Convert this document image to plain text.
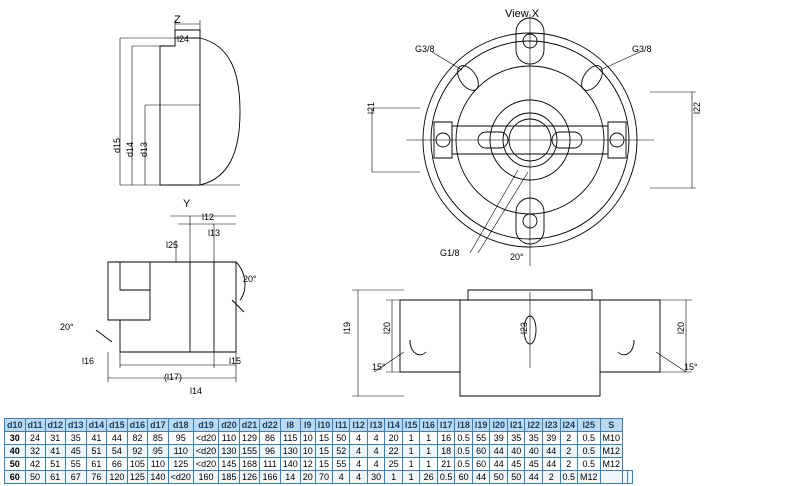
Z
l24
d15 d14 d13
Y
l12
l13
l25
20°
20°
l16	l15
(l17)
l14
View X
G3/8	G3/8
l21	l22
G1/8	20°
l19	l20	l23	l20
15°	15°
d10	d11	d12	d13	d14	d15	d16	d17	d18	d19	d20	d21	d22	l8	l9	l10	l11	l12	l13	l14	l15	l16	l17	l18	l19	l20	l21	l22	l23	l24	l25	S		
30	24	31	35	41	44	82	85	95	<d20	110	129	86	115	10	15	50	4	4	20	1	1	16	0.5	55	39	35	35	39	2	0.5	M10		
40	32	41	45	51	54	92	95	110	<d20	130	155	96	130	10	15	52	4	4	22	1	1	18	0.5	60	44	40	40	44	2	0.5	M12		
50	42	51	55	61	66	105	110	125	<d20	145	168	111	140	12	15	55	4	4	25	1	1	21	0.5	60	44	45	45	44	2	0.5	M12		
60	50	61	67	76	120	125	140	<d20	160	185	126	166	14	20	70	4	4	30	1	1	26	0.5	60	44	50	50	44	2	0.5	M12			
